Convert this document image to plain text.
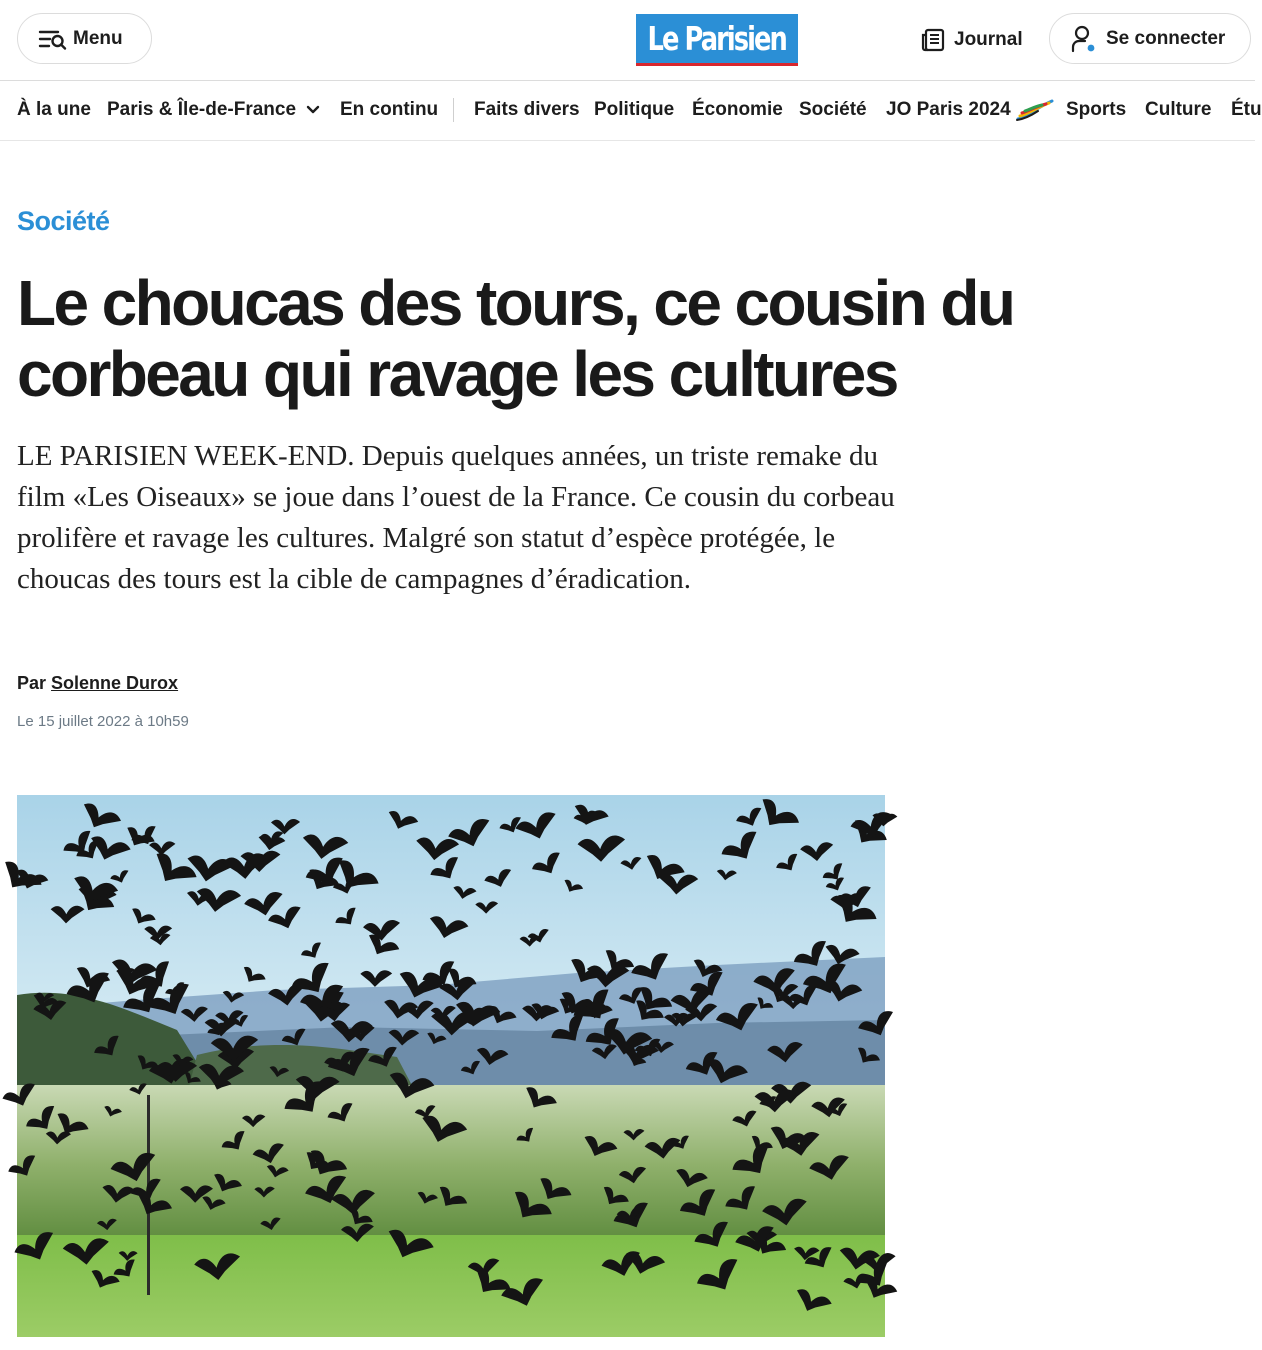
Menu	Le Parisien	Journal	Se connecter
À la une Paris & Île-de-France En continu Faits divers Politique Économie Société JO Paris 2024	Sports Culture Étu
Société
Le choucas des tours, ce cousin du corbeau qui ravage les cultures

LE PARISIEN WEEK-END. Depuis quelques années, un triste remake du film «Les Oiseaux» se joue dans l’ouest de la France. Ce cousin du corbeau prolifère et ravage les cultures. Malgré son statut d’espèce protégée, le choucas des tours est la cible de campagnes d’éradication.

Par Solenne Durox
Le 15 juillet 2022 à 10h59
